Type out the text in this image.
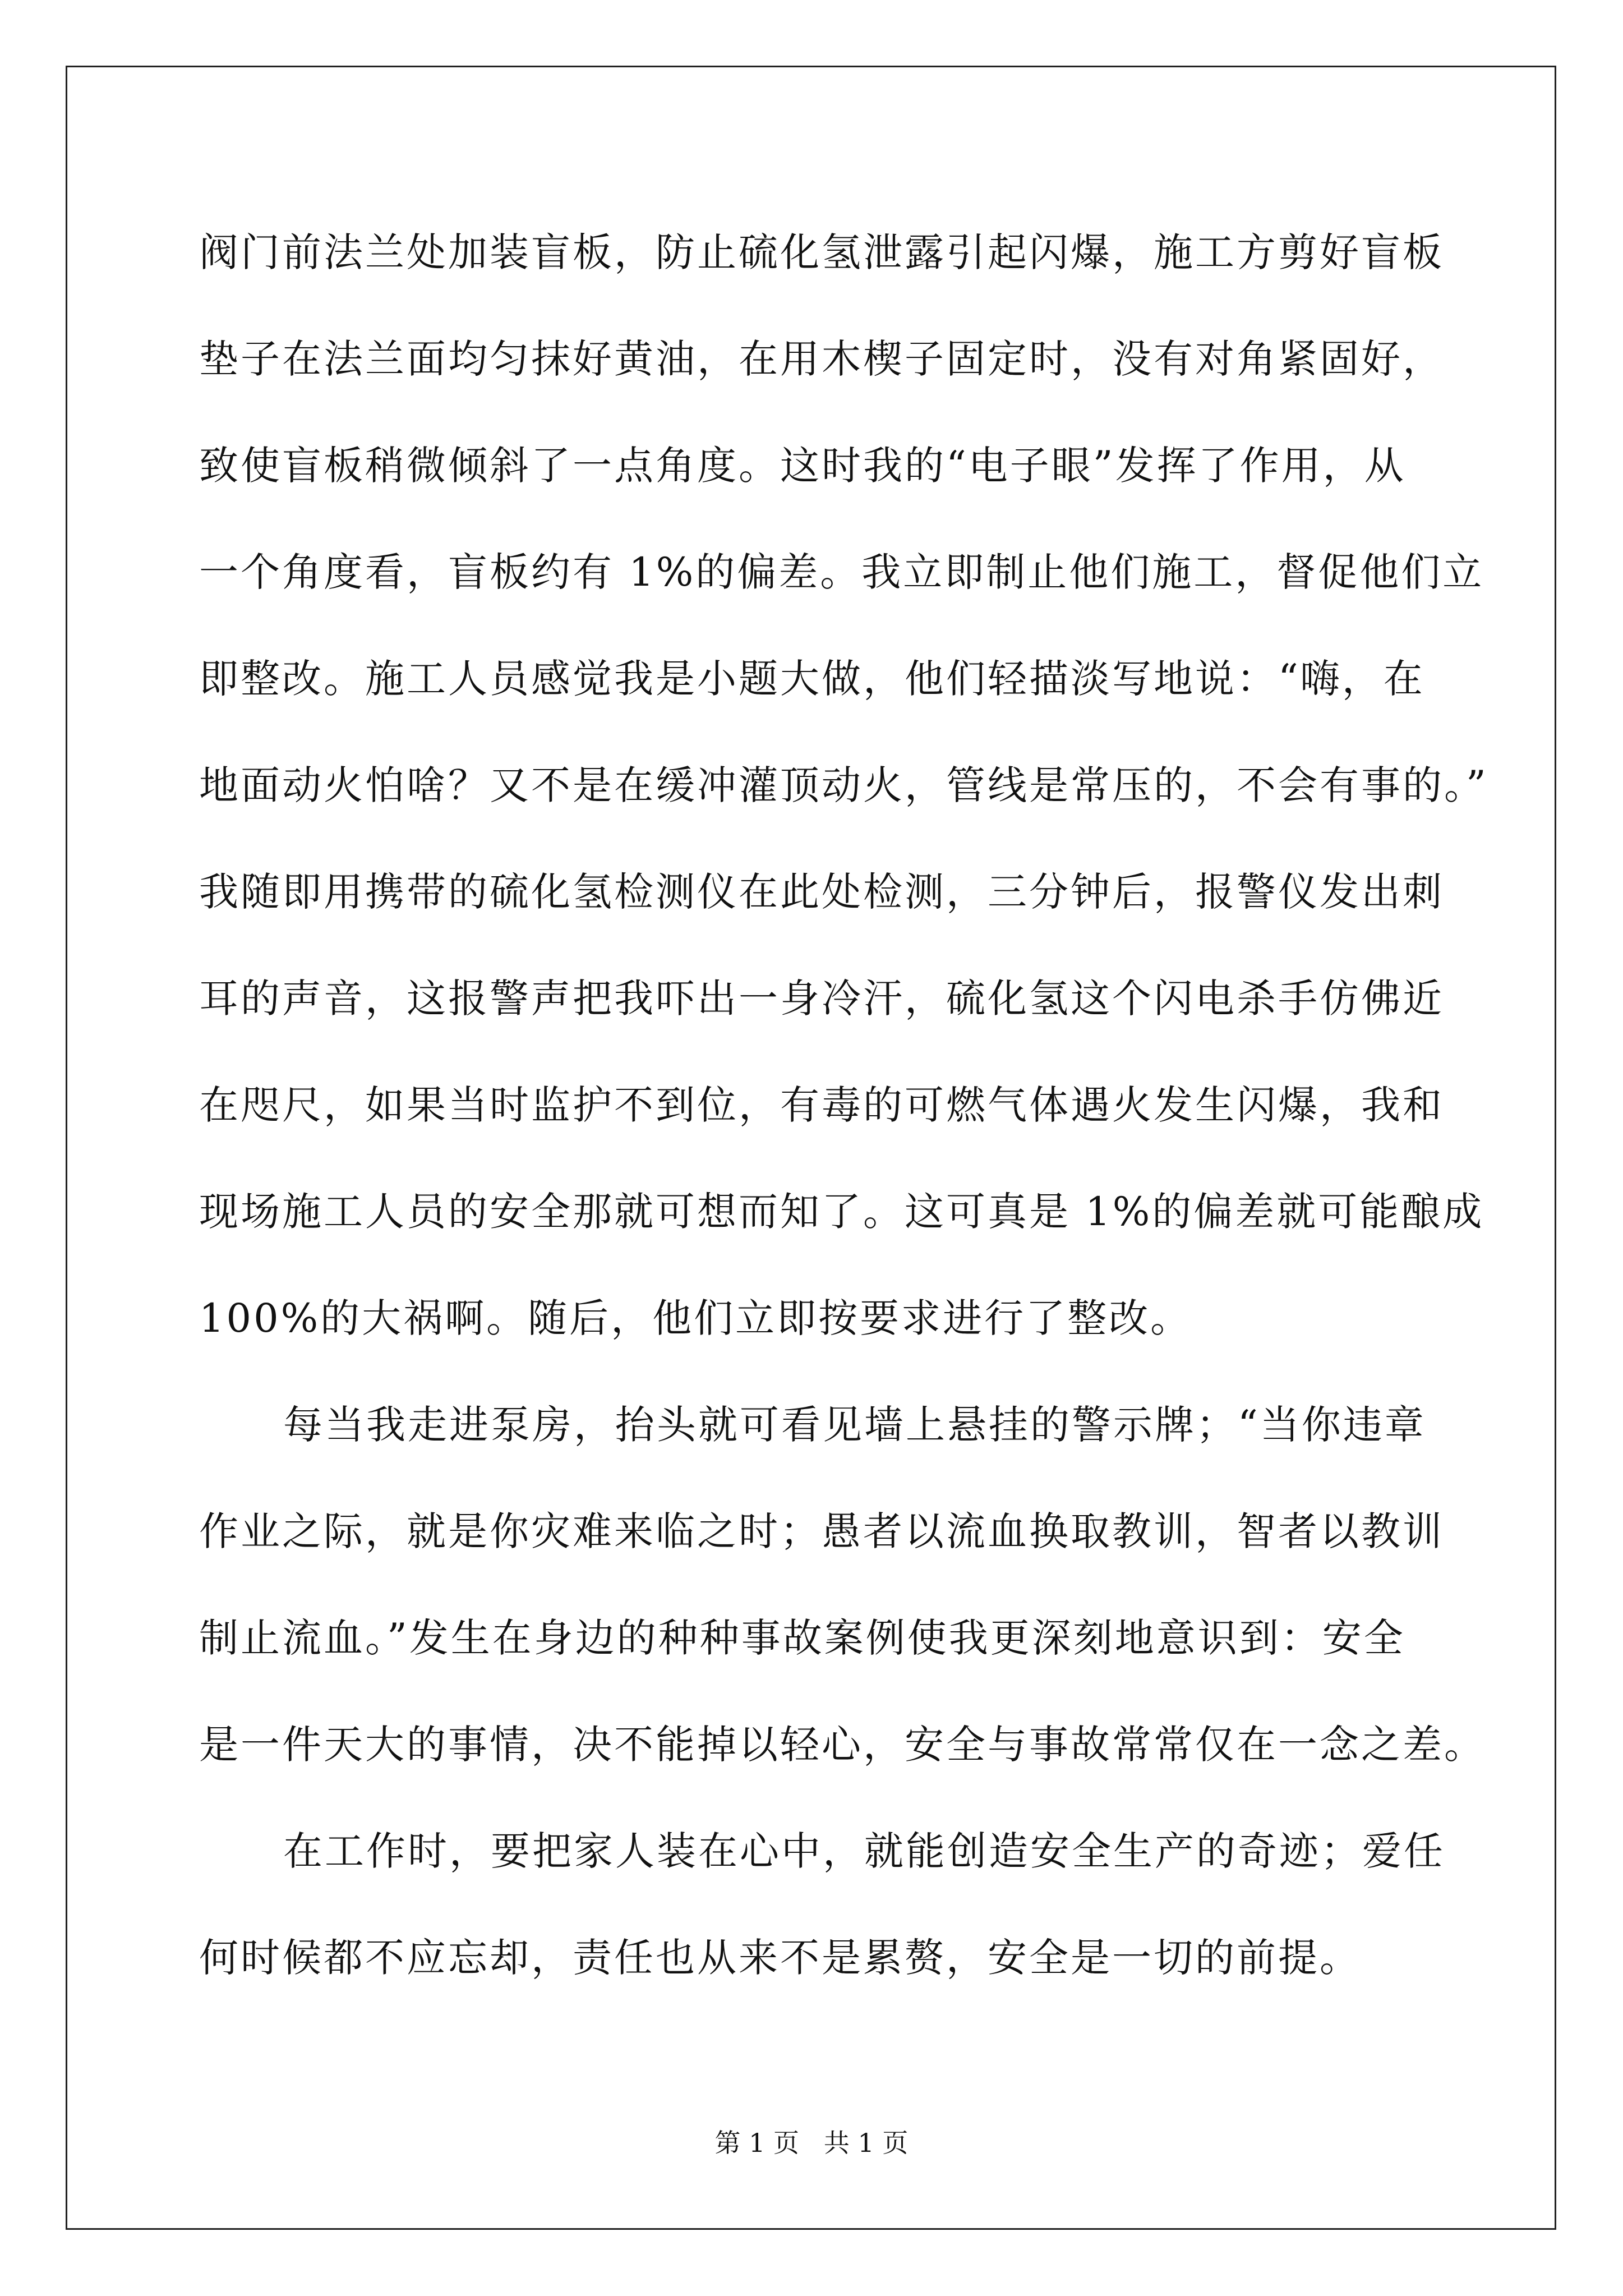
阀门前法兰处加装盲板，防止硫化氢泄露引起闪爆，施工方剪好盲板
垫子在法兰面均匀抹好黄油，在用木楔子固定时，没有对角紧固好，
致使盲板稍微倾斜了一点角度。这时我的“电子眼”发挥了作用，从
一个角度看，盲板约有 1%的偏差。我立即制止他们施工，督促他们立
即整改。施工人员感觉我是小题大做，他们轻描淡写地说：“嗨，在
地面动火怕啥？又不是在缓冲灌顶动火，管线是常压的，不会有事的。”
我随即用携带的硫化氢检测仪在此处检测，三分钟后，报警仪发出刺
耳的声音，这报警声把我吓出一身冷汗，硫化氢这个闪电杀手仿佛近
在咫尺，如果当时监护不到位，有毒的可燃气体遇火发生闪爆，我和
现场施工人员的安全那就可想而知了。这可真是 1%的偏差就可能酿成
100%的大祸啊。随后，他们立即按要求进行了整改。
每当我走进泵房，抬头就可看见墙上悬挂的警示牌；“当你违章
作业之际，就是你灾难来临之时；愚者以流血换取教训，智者以教训
制止流血。”发生在身边的种种事故案例使我更深刻地意识到：安全
是一件天大的事情，决不能掉以轻心，安全与事故常常仅在一念之差。
在工作时，要把家人装在心中，就能创造安全生产的奇迹；爱任
何时候都不应忘却，责任也从来不是累赘，安全是一切的前提。
第 1 页   共 1 页
